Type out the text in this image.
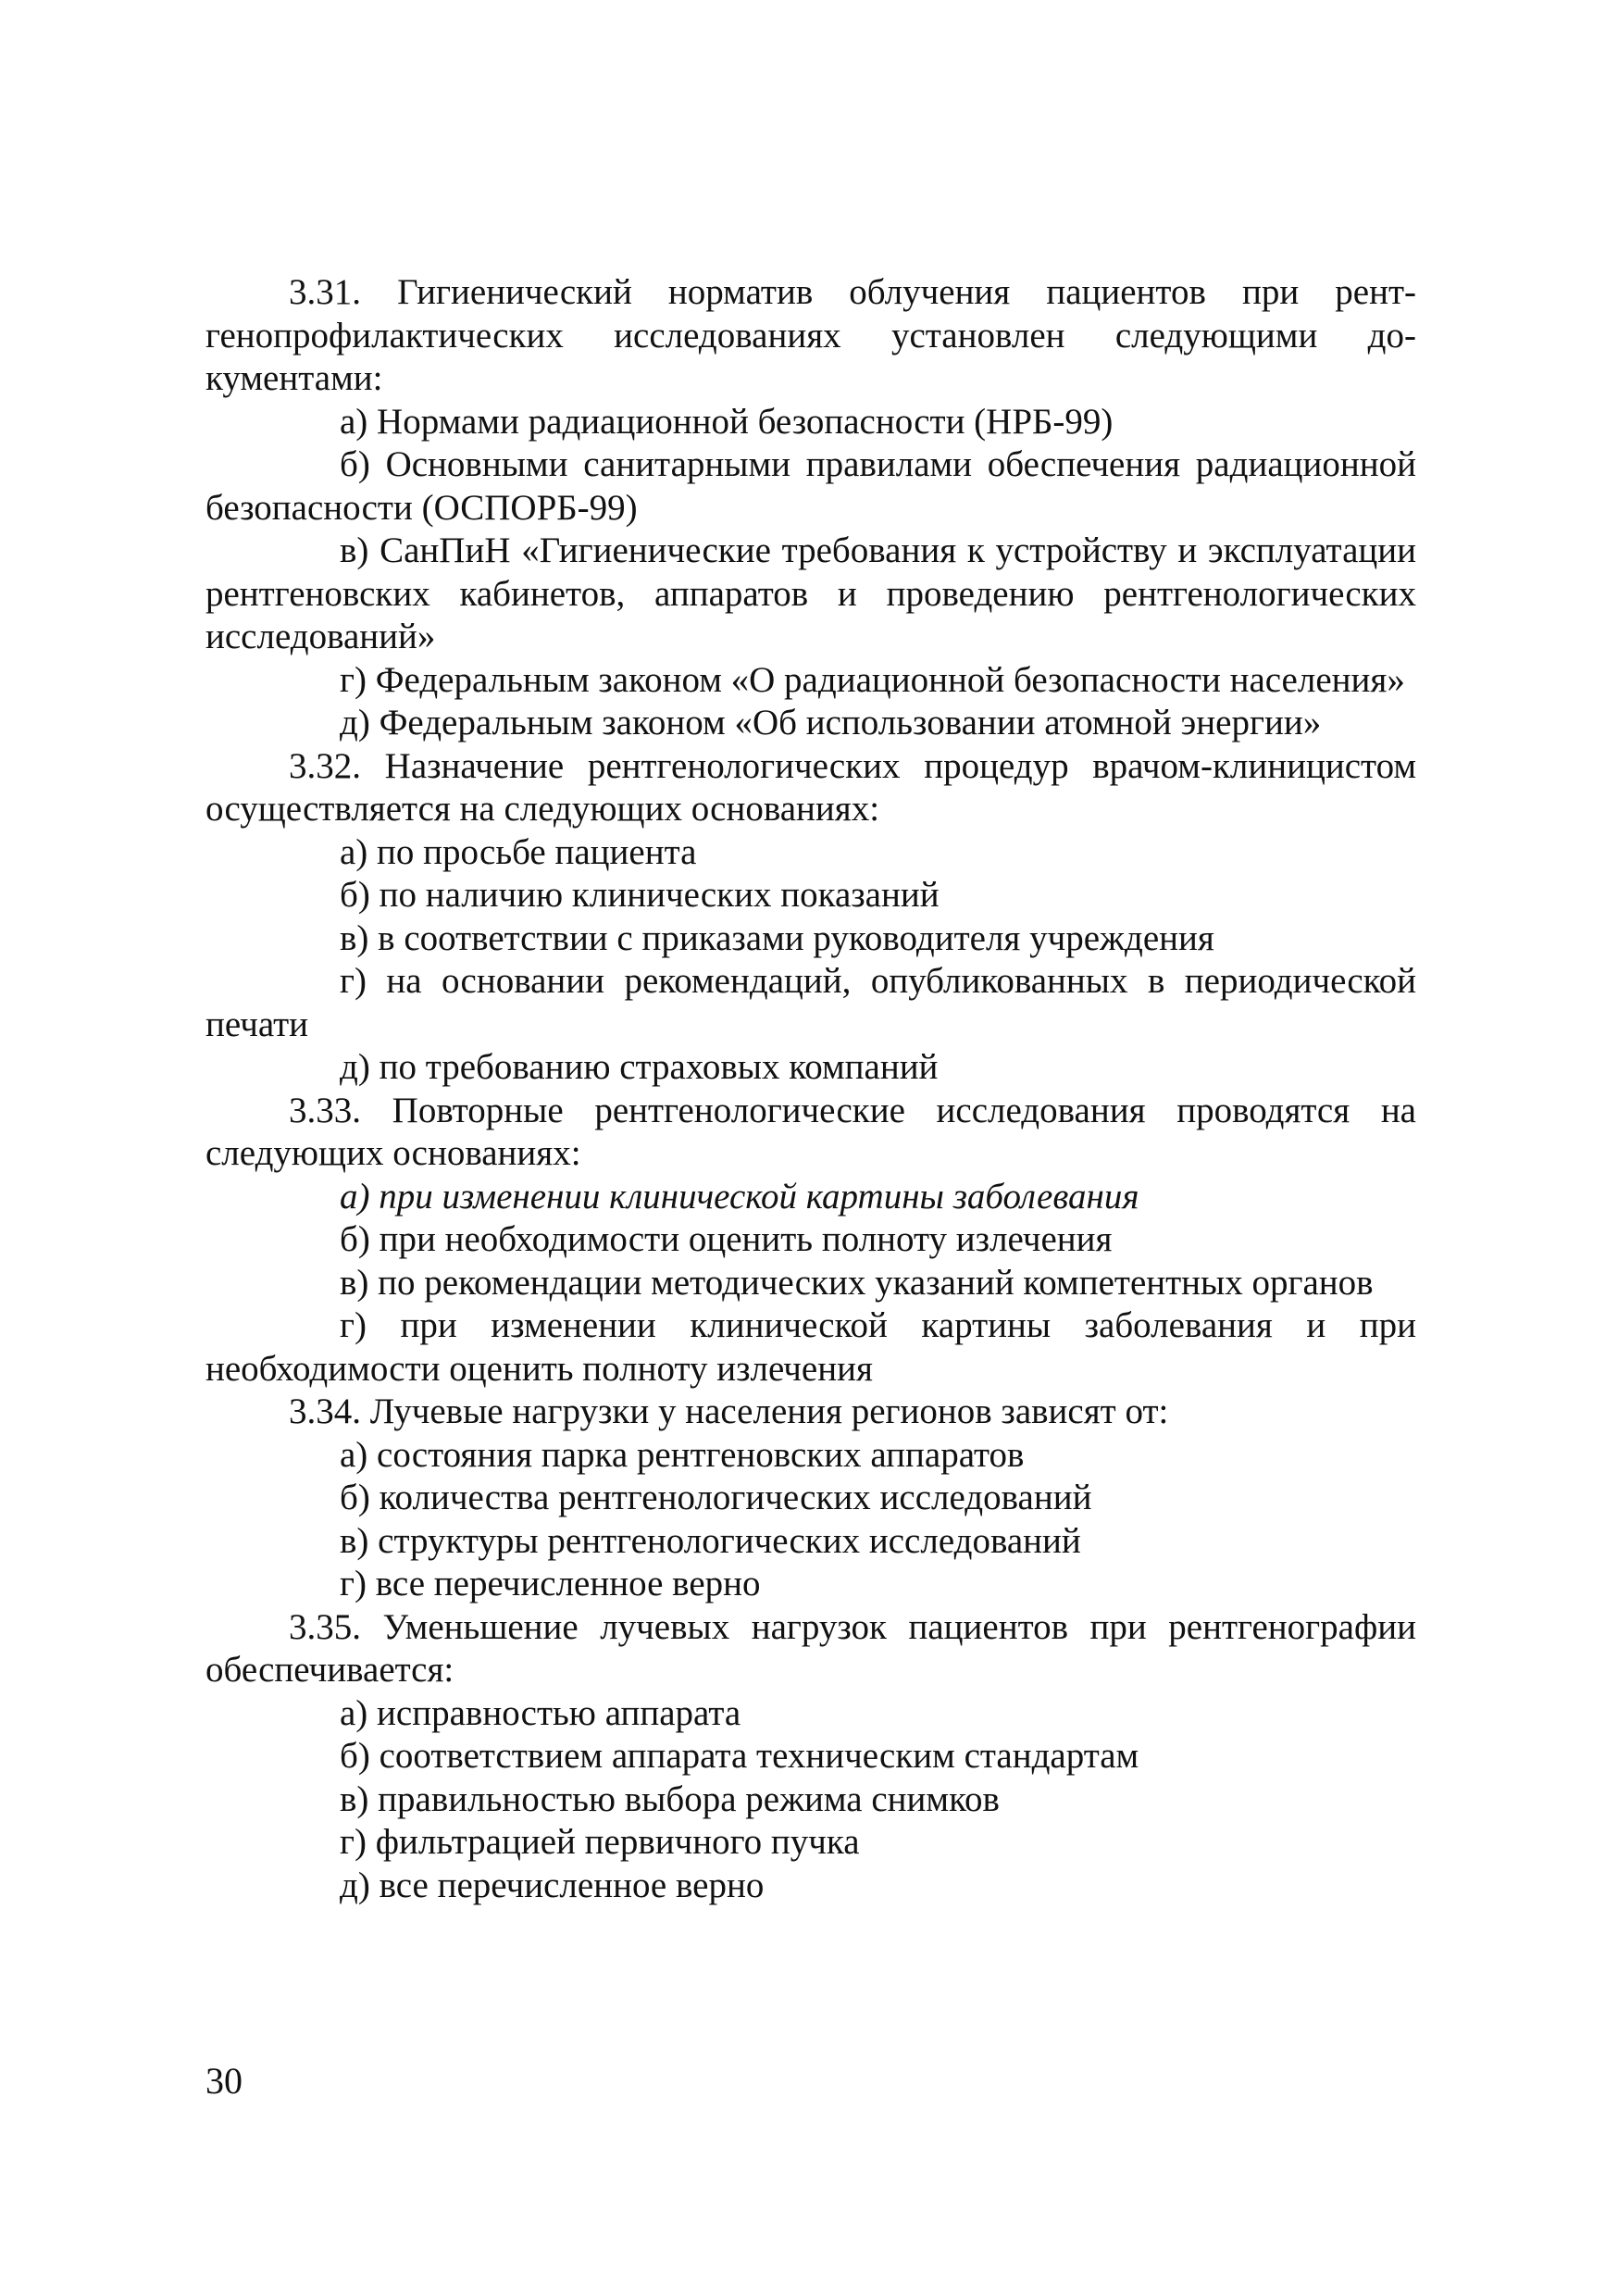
3.31. Гигиенический норматив облучения пациентов при рентгенопрофилактических исследованиях установлен следующими документами:

а) Нормами радиационной безопасности (НРБ-99)

б) Основными санитарными правилами обеспечения радиационной безопасности (ОСПОРБ-99)

в) СанПиН «Гигиенические требования к устройству и эксплуатации рентгеновских кабинетов, аппаратов и проведению рентгенологических исследований»

г) Федеральным законом «О радиационной безопасности населения»

д) Федеральным законом «Об использовании атомной энергии»

3.32. Назначение рентгенологических процедур врачом-клиницистом осуществляется на следующих основаниях:

а) по просьбе пациента

б) по наличию клинических показаний

в) в соответствии с приказами руководителя учреждения

г) на основании рекомендаций, опубликованных в периодической печати

д) по требованию страховых компаний

3.33. Повторные рентгенологические исследования проводятся на следующих основаниях:

а) при изменении клинической картины заболевания

б) при необходимости оценить полноту излечения

в) по рекомендации методических указаний компетентных органов

г) при изменении клинической картины заболевания и при необходимости оценить полноту излечения

3.34. Лучевые нагрузки у населения регионов зависят от:

а) состояния парка рентгеновских аппаратов

б) количества рентгенологических исследований

в) структуры рентгенологических исследований

г) все перечисленное верно

3.35. Уменьшение лучевых нагрузок пациентов при рентгенографии обеспечивается:

а) исправностью аппарата

б) соответствием аппарата техническим стандартам

в) правильностью выбора режима снимков

г) фильтрацией первичного пучка

д) все перечисленное верно

30
